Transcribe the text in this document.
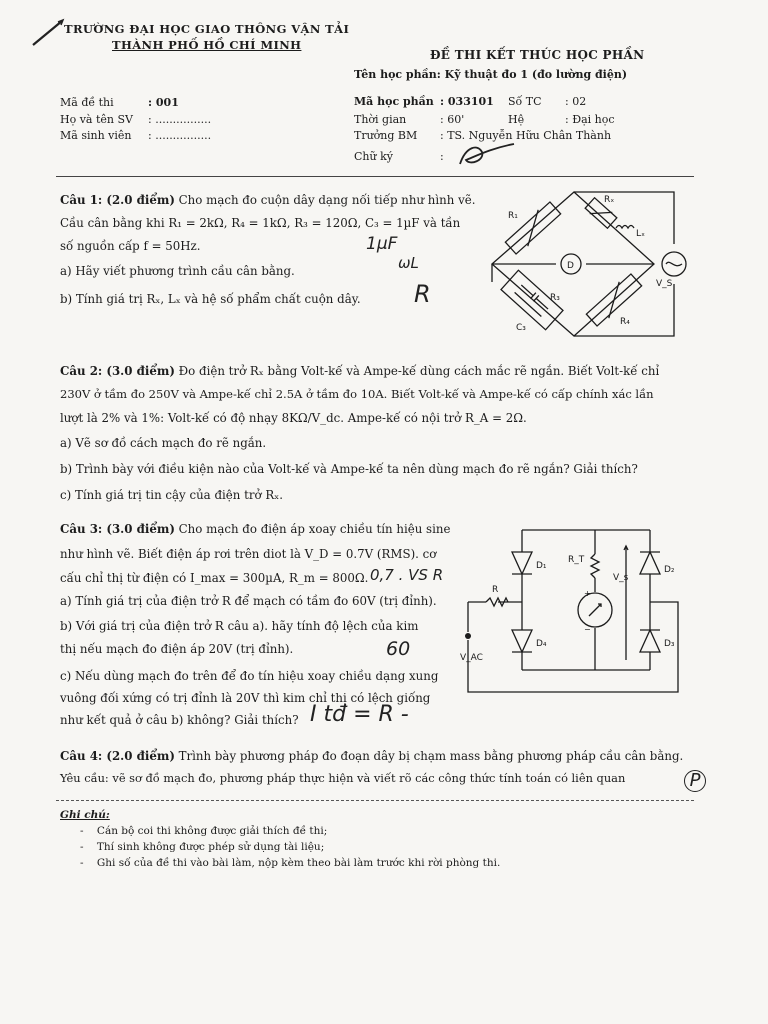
TRƯỜNG ĐẠI HỌC GIAO THÔNG VẬN TẢI
THÀNH PHỐ HỒ CHÍ MINH
ĐỀ THI KẾT THÚC HỌC PHẦN
Tên học phần: Kỹ thuật đo 1 (đo lường điện)
Mã đề thi	: 001
Họ và tên SV : ................
Mã sinh viên : ................
Mã học phần : 033101 Số TC : 02
Thời gian	: 60'	Hệ	: Đại học
Trưởng BM : TS. Nguyễn Hữu Chân Thành
Chữ ký	:
Câu 1: (2.0 điểm) Cho mạch đo cuộn dây dạng nối tiếp như hình vẽ.
Cầu cân bằng khi R₁ = 2kΩ, R₄ = 1kΩ, R₃ = 120Ω, C₃ = 1µF và tần
số nguồn cấp f = 50Hz.
a) Hãy viết phương trình cầu cân bằng.
b) Tính giá trị Rₓ, Lₓ và hệ số phẩm chất cuộn dây.
1µF
ωL
R
R₁
Rₓ
Lₓ
D
V_S
R₃
C₃
R₄
Câu 2: (3.0 điểm) Đo điện trở Rₓ bằng Volt-kế và Ampe-kế dùng cách mắc rẽ ngắn. Biết Volt-kế chỉ
230V ở tầm đo 250V và Ampe-kế chỉ 2.5A ở tầm đo 10A. Biết Volt-kế và Ampe-kế có cấp chính xác lần
lượt là 2% và 1%: Volt-kế có độ nhạy 8KΩ/V_dc. Ampe-kế có nội trở R_A = 2Ω.
a) Vẽ sơ đồ cách mạch đo rẽ ngắn.
b) Trình bày với điều kiện nào của Volt-kế và Ampe-kế ta nên dùng mạch đo rẽ ngắn? Giải thích?
c) Tính giá trị tin cậy của điện trở Rₓ.
Câu 3: (3.0 điểm) Cho mạch đo điện áp xoay chiều tín hiệu sine
như hình vẽ. Biết điện áp rơi trên diot là V_D = 0.7V (RMS). cơ
cấu chỉ thị từ điện có I_max = 300µA, R_m = 800Ω.
a) Tính giá trị của điện trở R để mạch có tầm đo 60V (trị đỉnh).
b) Với giá trị của điện trở R câu a). hãy tính độ lệch của kim
thị nếu mạch đo điện áp 20V (trị đỉnh).
c) Nếu dùng mạch đo trên để đo tín hiệu xoay chiều dạng xung
vuông đối xứng có trị đỉnh là 20V thì kim chỉ thị có lệch giống
như kết quả ở câu b) không? Giải thích?
0,7 . VS R
60
I tđ = R -
D₁
R_T
V_s
D₂
R
D₄	D₃
V_AC
+
−
Câu 4: (2.0 điểm) Trình bày phương pháp đo đoạn dây bị chạm mass bằng phương pháp cầu cân bằng.
Yêu cầu: vẽ sơ đồ mạch đo, phương pháp thực hiện và viết rõ các công thức tính toán có liên quan	P
Ghi chú:
-    Cán bộ coi thi không được giải thích đề thi;
-    Thí sinh không được phép sử dụng tài liệu;
-    Ghi số của đề thi vào bài làm, nộp kèm theo bài làm trước khi rời phòng thi.
